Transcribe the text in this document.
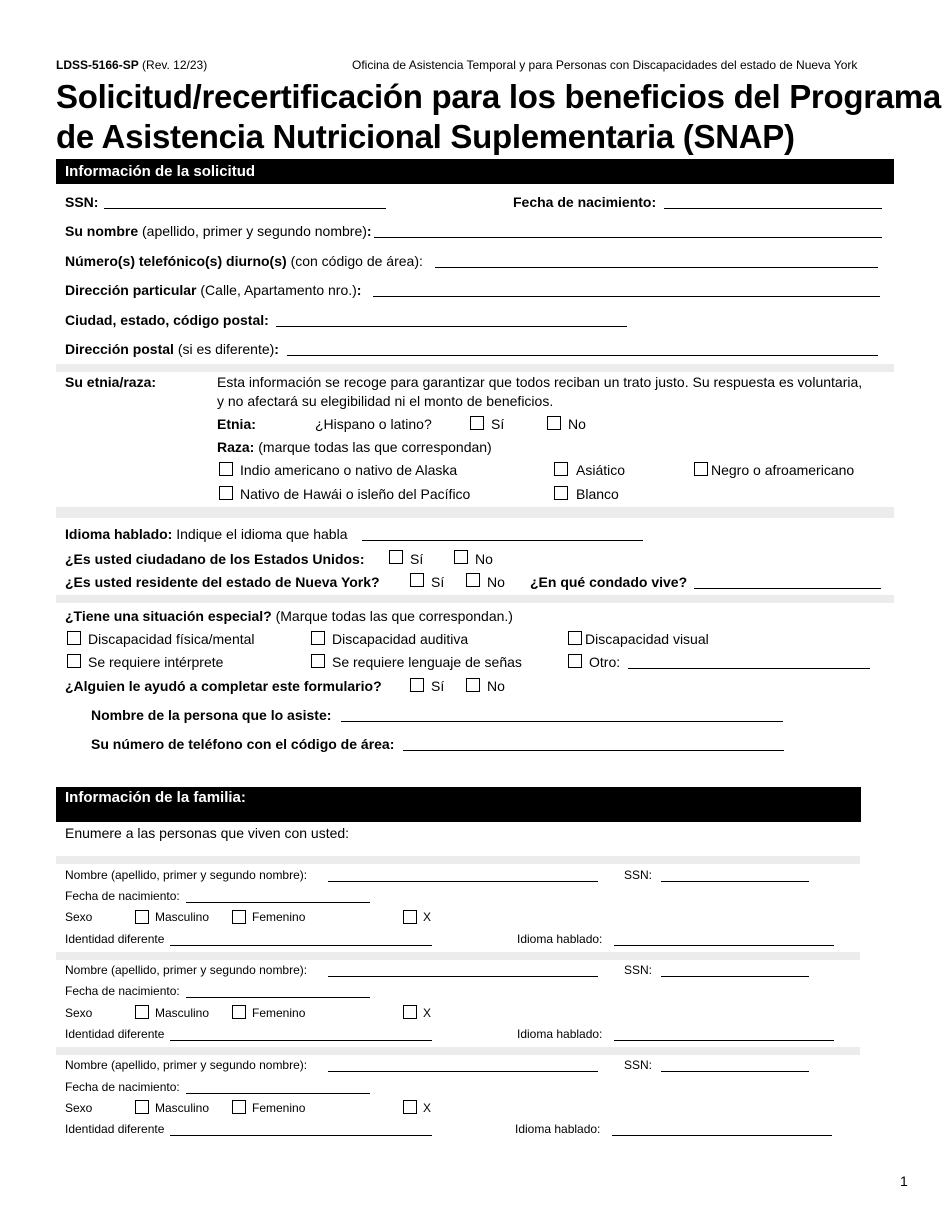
LDSS-5166-SP (Rev. 12/23)	Oficina de Asistencia Temporal y para Personas con Discapacidades del estado de Nueva York
Solicitud/recertificación para los beneficios del Programa
de Asistencia Nutricional Suplementaria (SNAP)
Información de la solicitud
SSN:	Fecha de nacimiento:
Su nombre (apellido, primer y segundo nombre):
Número(s) telefónico(s) diurno(s) (con código de área):
Dirección particular (Calle, Apartamento nro.):
Ciudad, estado, código postal:
Dirección postal (si es diferente):
Su etnia/raza:	Esta información se recoge para garantizar que todos reciban un trato justo. Su respuesta es voluntaria,
y no afectará su elegibilidad ni el monto de beneficios.
Etnia:	¿Hispano o latino?	Sí	No
Raza: (marque todas las que correspondan)
Indio americano o nativo de Alaska	Asiático	Negro o afroamericano
Nativo de Hawái o isleño del Pacífico	Blanco
Idioma hablado: Indique el idioma que habla
¿Es usted ciudadano de los Estados Unidos:	Sí	No
¿Es usted residente del estado de Nueva York?	Sí	No ¿En qué condado vive?
¿Tiene una situación especial? (Marque todas las que correspondan.)
Discapacidad física/mental	Discapacidad auditiva	Discapacidad visual
Se requiere intérprete	Se requiere lenguaje de señas	Otro:
¿Alguien le ayudó a completar este formulario?	Sí	No
Nombre de la persona que lo asiste:
Su número de teléfono con el código de área:
Información de la familia:
Enumere a las personas que viven con usted:
Nombre (apellido, primer y segundo nombre):	SSN:
Fecha de nacimiento:
Sexo	Masculino	Femenino	X
Identidad diferente	Idioma hablado:
Nombre (apellido, primer y segundo nombre):	SSN:
Fecha de nacimiento:
Sexo	Masculino	Femenino	X
Identidad diferente	Idioma hablado:
Nombre (apellido, primer y segundo nombre):	SSN:
Fecha de nacimiento:
Sexo	Masculino	Femenino	X
Identidad diferente	Idioma hablado:
1
